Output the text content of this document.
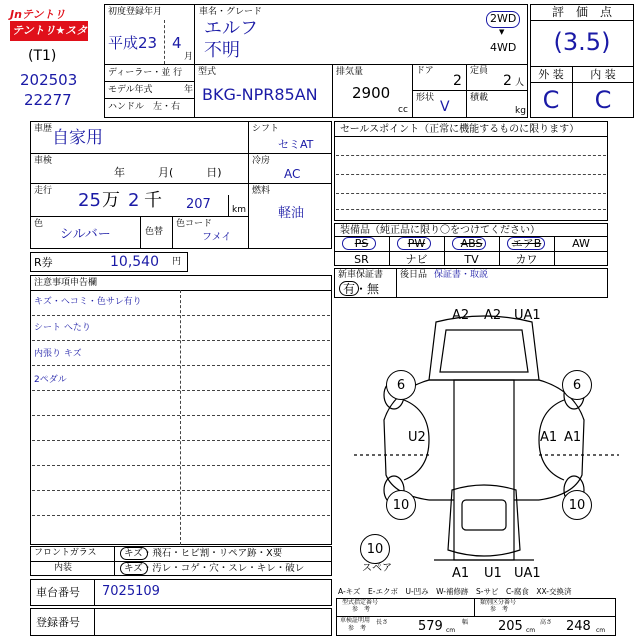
Jnテントリ
テントリ★スター (T1)
202503
22277
初度登録年月
平成23 4
月
車名・グレード
エルフ
不明
2WD
▼
4WD
ディーラー・並 行
モデル年式	年
ハンドル　左・右
型式
BKG-NPR85AN
排気量
2900
cc
ドア
2
定員
2 人
形状
V
積載
kg
評　価　点
(3.5)
外 装	内 装
C	C
車歴 自家用
車検
年　　　月(　　　日)
走行 25 万 2 千 207 km
色
シルバー	色替
色コード
フメイ
シフト
セミAT
冷房
AC
燃料
軽油
R券	10,540 円
セールスポイント（正常に機能するものに限ります）
装備品（純正品に限り〇をつけてください）
PS	PW	ABS	エアB	AW
SR	ナビ	TV	カワ
新車保証書
有・無
後日品 保証書・取説
注意事項申告欄
キズ・ヘコミ・色サレ有り
シート へたり
内張り キズ
2ペダル
A2 A2 UA1
6	6
U2	A1 A1
10	10
10
スペア	A1 U1 UA1
A-キズ　E-エクボ　U-凹み　W-補修跡　S-サビ　C-腐食　XX-交換済
フロントガラス	キズ・飛石・ヒビ割・リペア跡・X要
内装	キズ・汚レ・コゲ・穴・スレ・キレ・破レ
車台番号 7025109
登録番号
型式指定番号
参　考
類別区分番号
参　考
車検証明用
参　考
長さ 579 cm
幅 205 cm
高さ 248 cm
